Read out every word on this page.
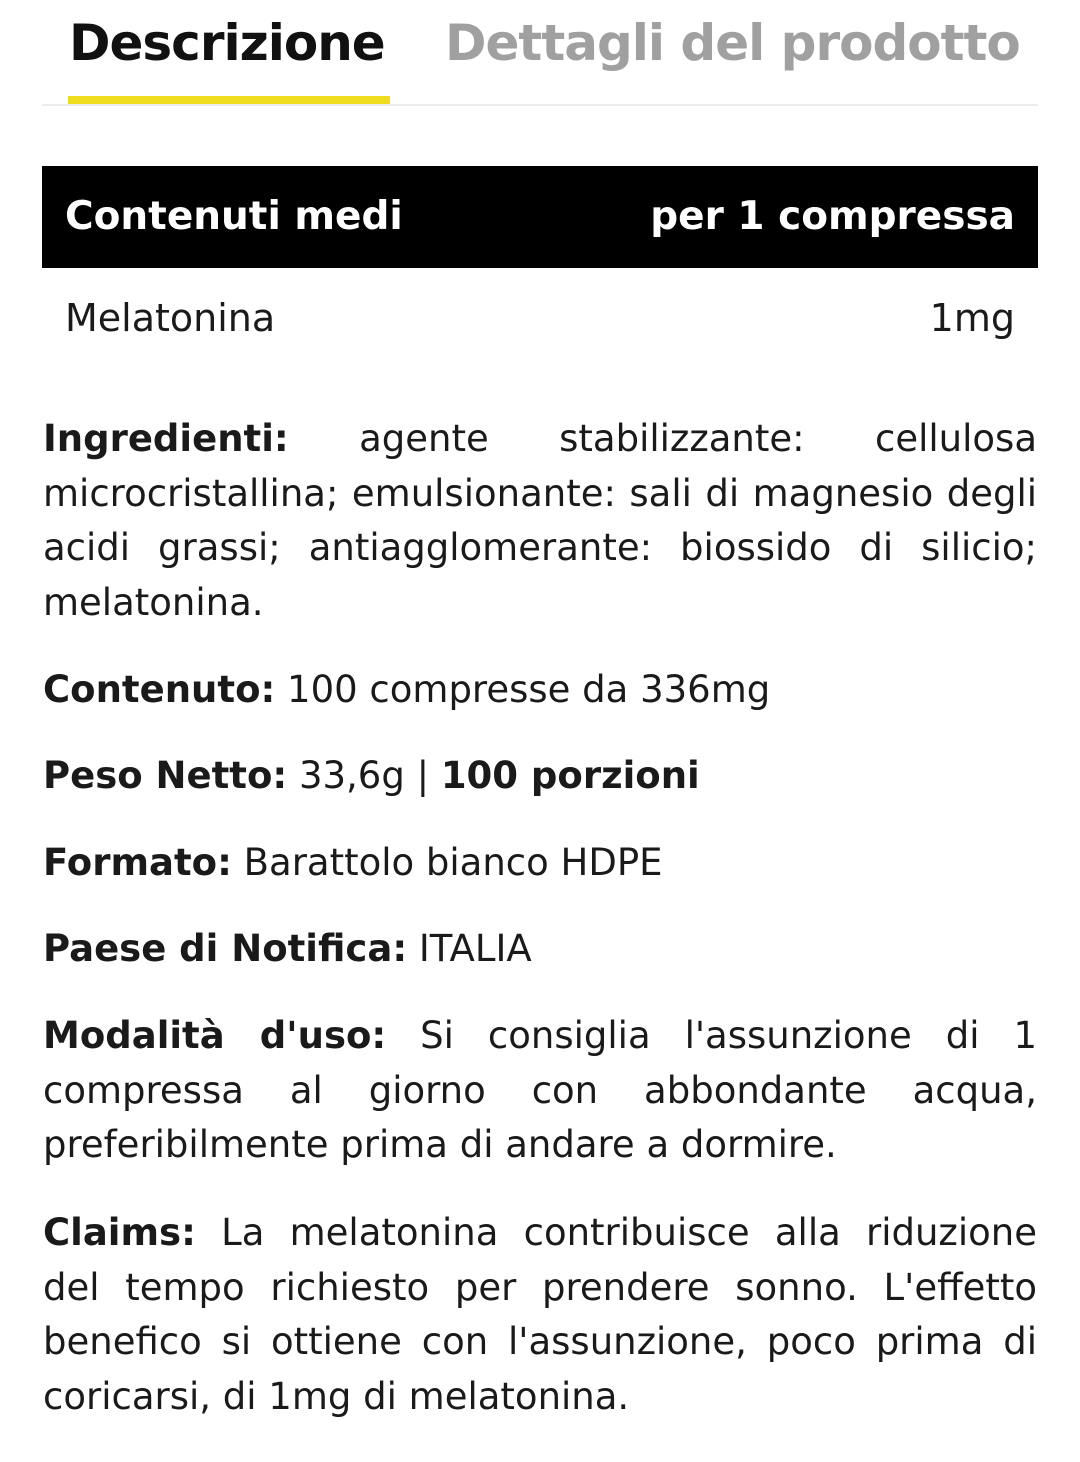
Descrizione Dettagli del prodotto
Contenuti medi	per 1 compressa
Melatonina	1mg

Ingredienti: agente stabilizzante: cellulosa microcristallina; emulsionante: sali di magnesio degli acidi grassi; antiagglomerante: biossido di silicio; melatonina.

Contenuto: 100 compresse da 336mg

Peso Netto: 33,6g | 100 porzioni

Formato: Barattolo bianco HDPE

Paese di Notifica: ITALIA

Modalità d'uso: Si consiglia l'assunzione di 1 compressa al giorno con abbondante acqua, preferibilmente prima di andare a dormire.

Claims: La melatonina contribuisce alla riduzione del tempo richiesto per prendere sonno. L'effetto benefico si ottiene con l'assunzione, poco prima di coricarsi, di 1mg di melatonina.
